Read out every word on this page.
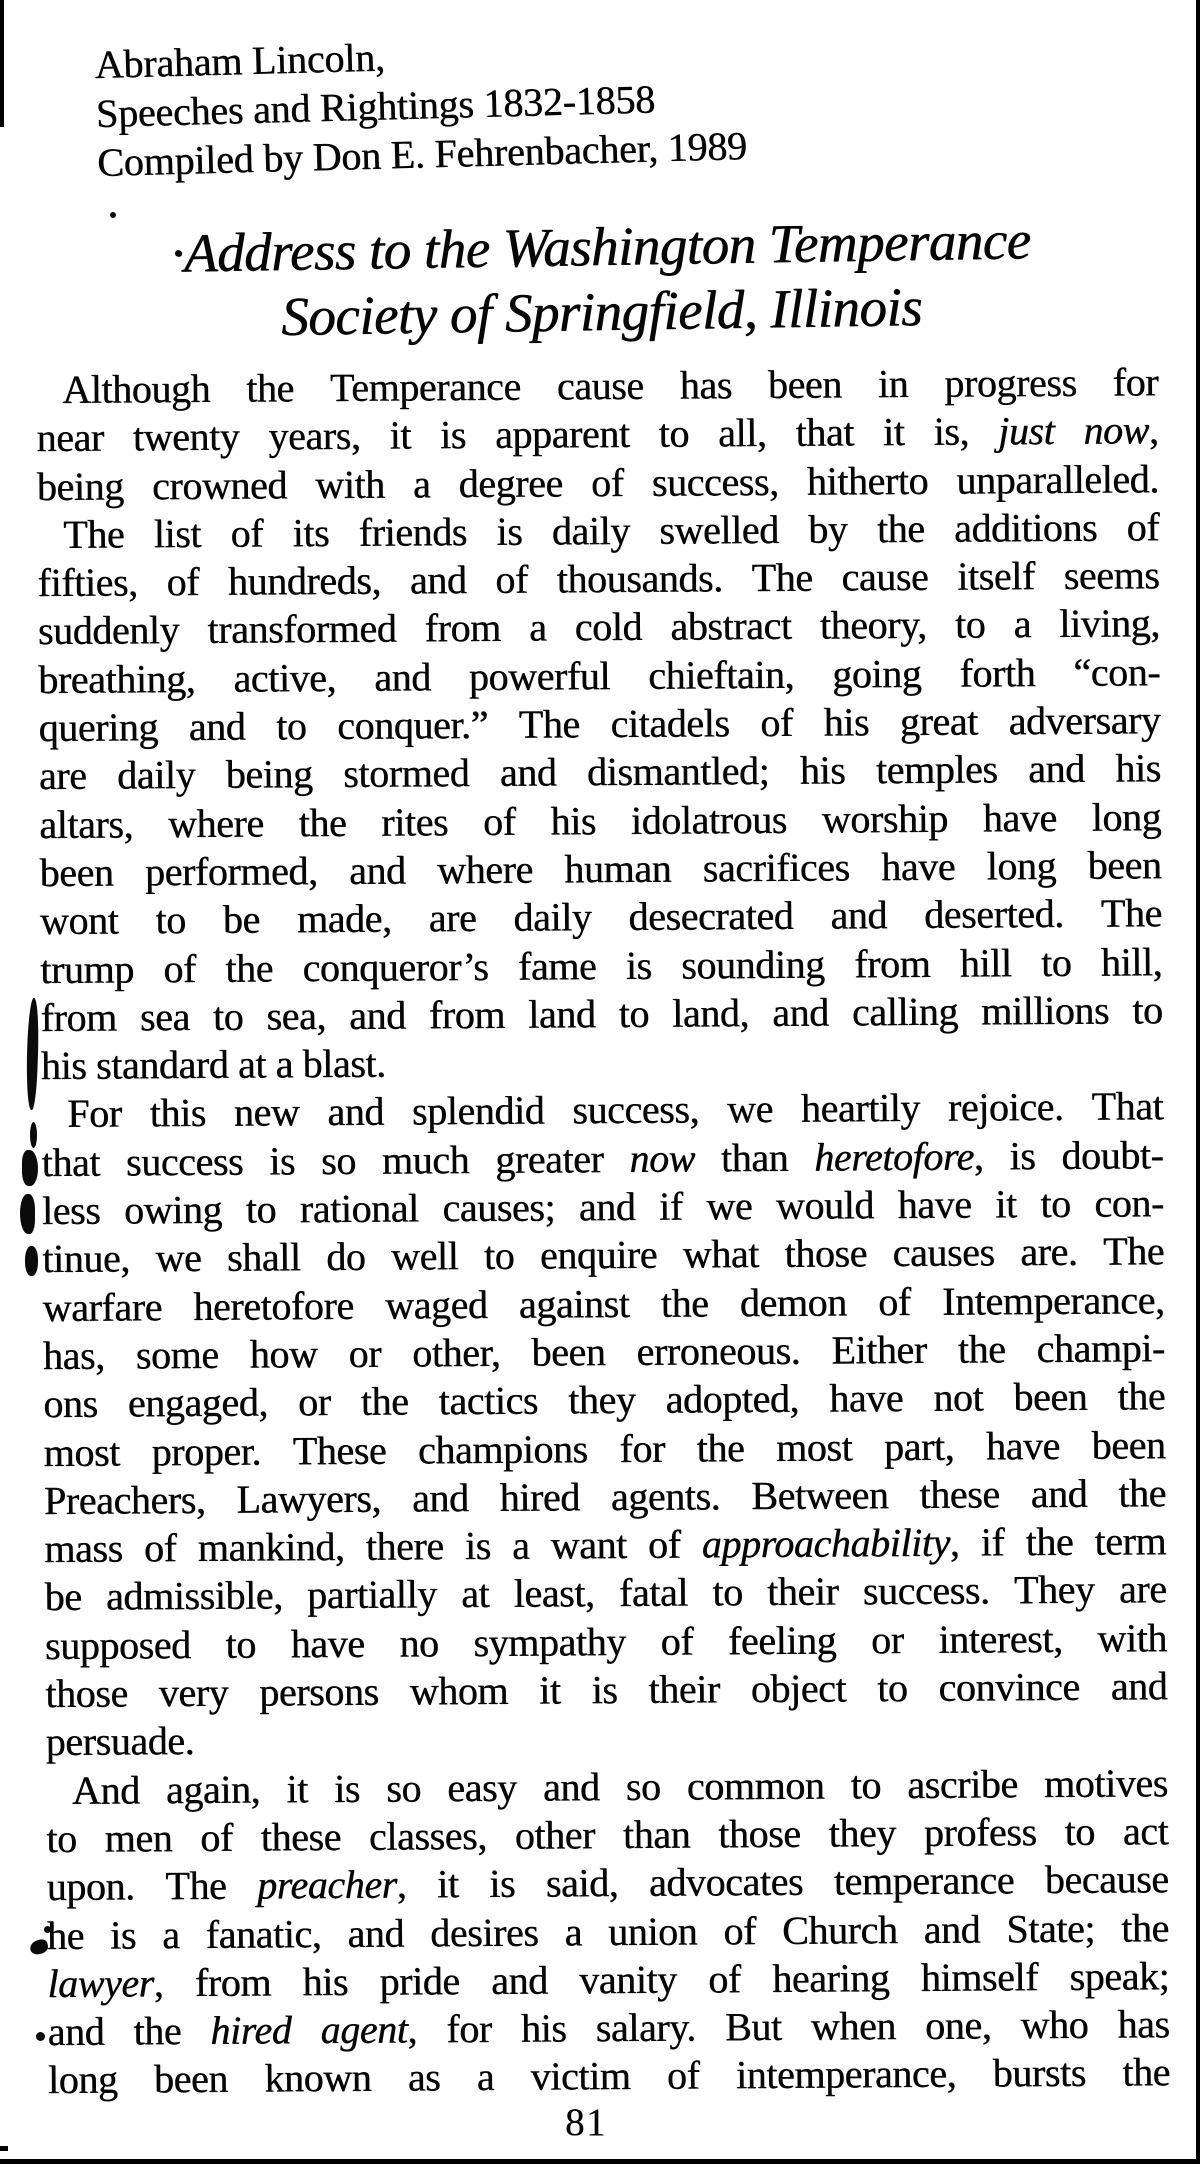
Abraham Lincoln,
Speeches and Rightings 1832-1858
Compiled by Don E. Fehrenbacher, 1989
·Address to the Washington Temperance
Society of Springfield, Illinois
Although the Temperance cause has been in progress for
near twenty years, it is apparent to all, that it is, just now,
being crowned with a degree of success, hitherto unparalleled.
The list of its friends is daily swelled by the additions of
fifties, of hundreds, and of thousands. The cause itself seems
suddenly transformed from a cold abstract theory, to a living,
breathing, active, and powerful chieftain, going forth “con-
quering and to conquer.” The citadels of his great adversary
are daily being stormed and dismantled; his temples and his
altars, where the rites of his idolatrous worship have long
been performed, and where human sacrifices have long been
wont to be made, are daily desecrated and deserted. The
trump of the conqueror’s fame is sounding from hill to hill,
from sea to sea, and from land to land, and calling millions to
his standard at a blast.
For this new and splendid success, we heartily rejoice. That
that success is so much greater now than heretofore, is doubt-
less owing to rational causes; and if we would have it to con-
tinue, we shall do well to enquire what those causes are. The
warfare heretofore waged against the demon of Intemperance,
has, some how or other, been erroneous. Either the champi-
ons engaged, or the tactics they adopted, have not been the
most proper. These champions for the most part, have been
Preachers, Lawyers, and hired agents. Between these and the
mass of mankind, there is a want of approachability, if the term
be admissible, partially at least, fatal to their success. They are
supposed to have no sympathy of feeling or interest, with
those very persons whom it is their object to convince and
persuade.
And again, it is so easy and so common to ascribe motives
to men of these classes, other than those they profess to act
upon. The preacher, it is said, advocates temperance because
he is a fanatic, and desires a union of Church and State; the
lawyer, from his pride and vanity of hearing himself speak;
and the hired agent, for his salary. But when one, who has
long been known as a victim of intemperance, bursts the
81
